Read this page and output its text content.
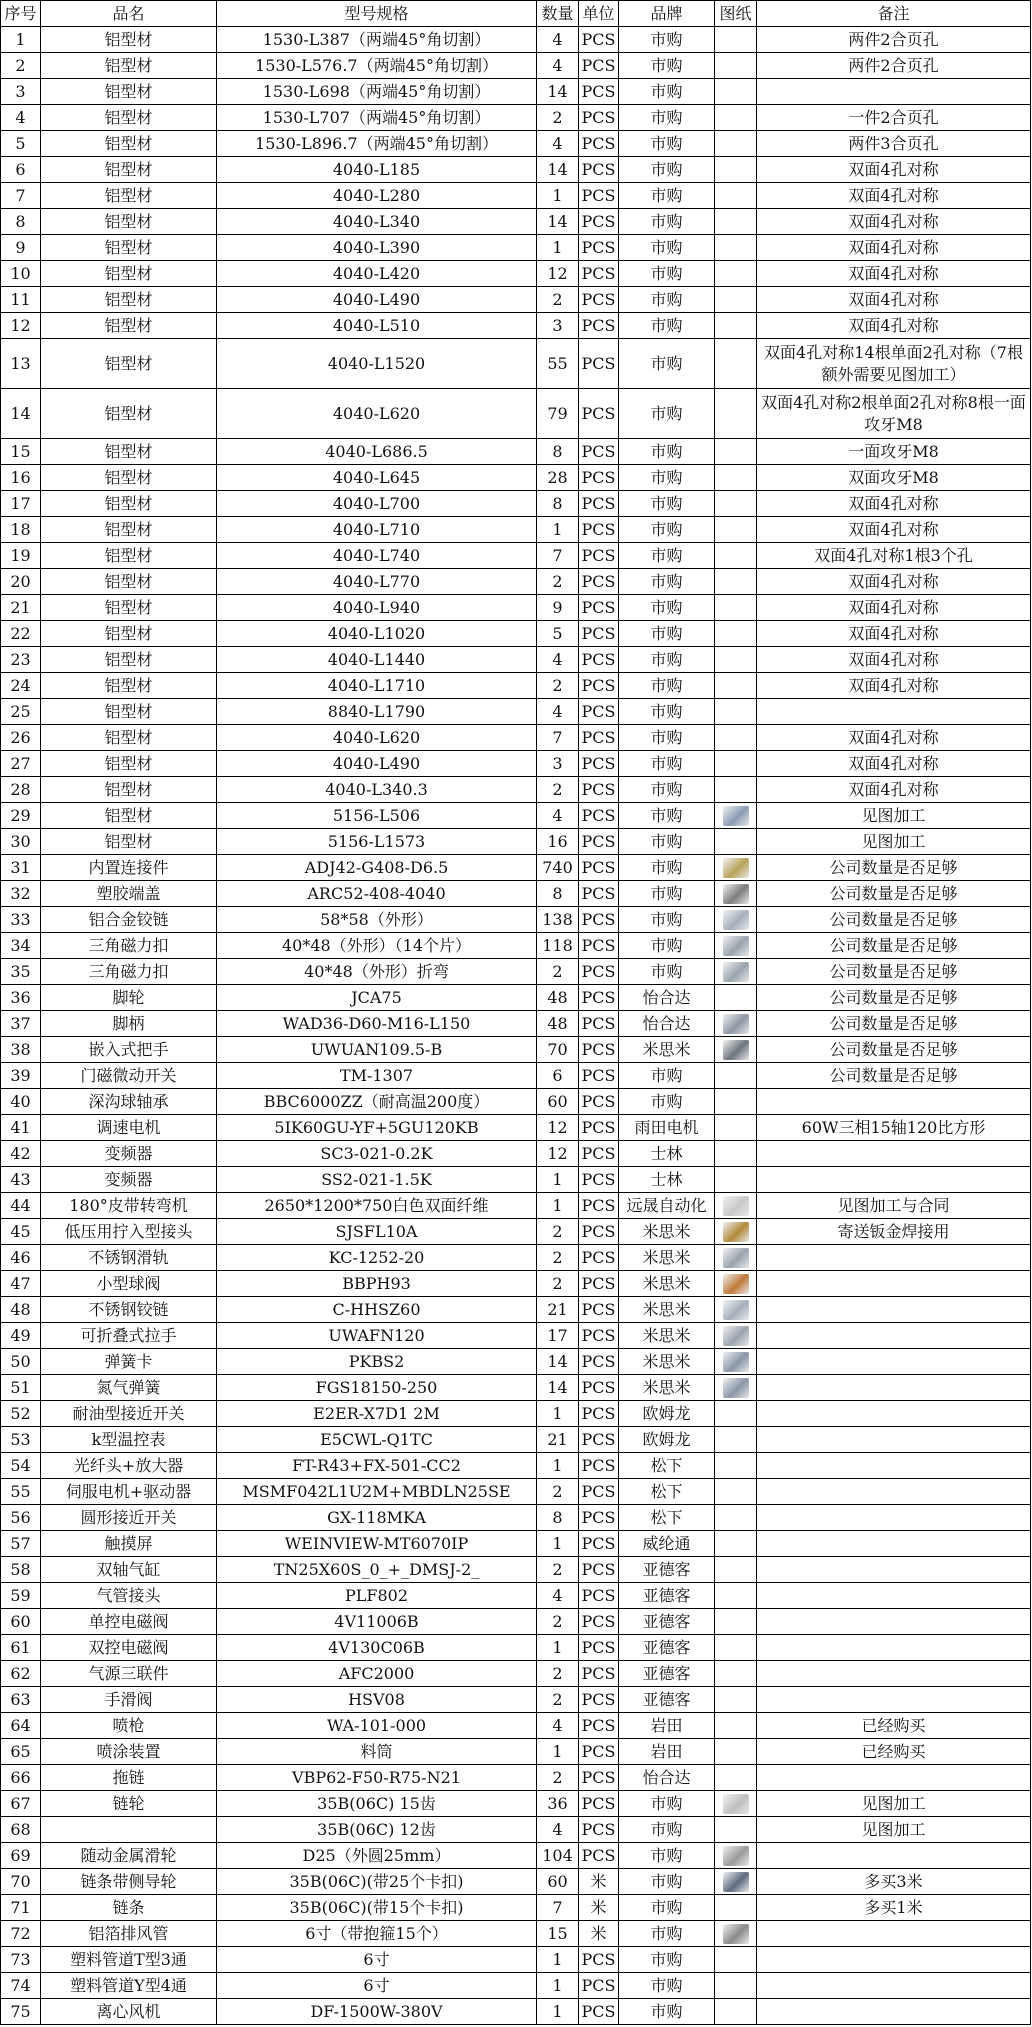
序号	品名	型号规格	数量	单位	品牌	图纸	备注
1	铝型材	1530-L387（两端45°角切割）	4	PCS	市购		两件2合页孔
2	铝型材	1530-L576.7（两端45°角切割）	4	PCS	市购		两件2合页孔
3	铝型材	1530-L698（两端45°角切割）	14	PCS	市购		
4	铝型材	1530-L707（两端45°角切割）	2	PCS	市购		一件2合页孔
5	铝型材	1530-L896.7（两端45°角切割）	4	PCS	市购		两件3合页孔
6	铝型材	4040-L185	14	PCS	市购		双面4孔对称
7	铝型材	4040-L280	1	PCS	市购		双面4孔对称
8	铝型材	4040-L340	14	PCS	市购		双面4孔对称
9	铝型材	4040-L390	1	PCS	市购		双面4孔对称
10	铝型材	4040-L420	12	PCS	市购		双面4孔对称
11	铝型材	4040-L490	2	PCS	市购		双面4孔对称
12	铝型材	4040-L510	3	PCS	市购		双面4孔对称
13	铝型材	4040-L1520	55	PCS	市购		双面4孔对称14根单面2孔对称（7根额外需要见图加工）
14	铝型材	4040-L620	79	PCS	市购		双面4孔对称2根单面2孔对称8根一面攻牙M8
15	铝型材	4040-L686.5	8	PCS	市购		一面攻牙M8
16	铝型材	4040-L645	28	PCS	市购		双面攻牙M8
17	铝型材	4040-L700	8	PCS	市购		双面4孔对称
18	铝型材	4040-L710	1	PCS	市购		双面4孔对称
19	铝型材	4040-L740	7	PCS	市购		双面4孔对称1根3个孔
20	铝型材	4040-L770	2	PCS	市购		双面4孔对称
21	铝型材	4040-L940	9	PCS	市购		双面4孔对称
22	铝型材	4040-L1020	5	PCS	市购		双面4孔对称
23	铝型材	4040-L1440	4	PCS	市购		双面4孔对称
24	铝型材	4040-L1710	2	PCS	市购		双面4孔对称
25	铝型材	8840-L1790	4	PCS	市购		
26	铝型材	4040-L620	7	PCS	市购		双面4孔对称
27	铝型材	4040-L490	3	PCS	市购		双面4孔对称
28	铝型材	4040-L340.3	2	PCS	市购		双面4孔对称
29	铝型材	5156-L506	4	PCS	市购		见图加工
30	铝型材	5156-L1573	16	PCS	市购		见图加工
31	内置连接件	ADJ42-G408-D6.5	740	PCS	市购		公司数量是否足够
32	塑胶端盖	ARC52-408-4040	8	PCS	市购		公司数量是否足够
33	铝合金铰链	58*58（外形）	138	PCS	市购		公司数量是否足够
34	三角磁力扣	40*48（外形）（14个片）	118	PCS	市购		公司数量是否足够
35	三角磁力扣	40*48（外形）折弯	2	PCS	市购		公司数量是否足够
36	脚轮	JCA75	48	PCS	怡合达		公司数量是否足够
37	脚柄	WAD36-D60-M16-L150	48	PCS	怡合达		公司数量是否足够
38	嵌入式把手	UWUAN109.5-B	70	PCS	米思米		公司数量是否足够
39	门磁微动开关	TM-1307	6	PCS	市购		公司数量是否足够
40	深沟球轴承	BBC6000ZZ（耐高温200度）	60	PCS	市购		
41	调速电机	5IK60GU-YF+5GU120KB	12	PCS	雨田电机		60W三相15轴120比方形
42	变频器	SC3-021-0.2K	12	PCS	士林		
43	变频器	SS2-021-1.5K	1	PCS	士林		
44	180°皮带转弯机	2650*1200*750白色双面纤维	1	PCS	远晟自动化		见图加工与合同
45	低压用拧入型接头	SJSFL10A	2	PCS	米思米		寄送钣金焊接用
46	不锈钢滑轨	KC-1252-20	2	PCS	米思米		
47	小型球阀	BBPH93	2	PCS	米思米		
48	不锈钢铰链	C-HHSZ60	21	PCS	米思米		
49	可折叠式拉手	UWAFN120	17	PCS	米思米		
50	弹簧卡	PKBS2	14	PCS	米思米		
51	氮气弹簧	FGS18150-250	14	PCS	米思米		
52	耐油型接近开关	E2ER-X7D1 2M	1	PCS	欧姆龙		
53	k型温控表	E5CWL-Q1TC	21	PCS	欧姆龙		
54	光纤头+放大器	FT-R43+FX-501-CC2	1	PCS	松下		
55	伺服电机+驱动器	MSMF042L1U2M+MBDLN25SE	2	PCS	松下		
56	圆形接近开关	GX-118MKA	8	PCS	松下		
57	触摸屏	WEINVIEW-MT6070IP	1	PCS	威纶通		
58	双轴气缸	TN25X60S_0_+_DMSJ-2_	2	PCS	亚德客		
59	气管接头	PLF802	4	PCS	亚德客		
60	单控电磁阀	4V11006B	2	PCS	亚德客		
61	双控电磁阀	4V130C06B	1	PCS	亚德客		
62	气源三联件	AFC2000	2	PCS	亚德客		
63	手滑阀	HSV08	2	PCS	亚德客		
64	喷枪	WA-101-000	4	PCS	岩田		已经购买
65	喷涂装置	料筒	1	PCS	岩田		已经购买
66	拖链	VBP62-F50-R75-N21	2	PCS	怡合达		
67	链轮	35B(06C) 15齿	36	PCS	市购		见图加工
68		35B(06C) 12齿	4	PCS	市购		见图加工
69	随动金属滑轮	D25（外圆25mm）	104	PCS	市购		
70	链条带侧导轮	35B(06C)(带25个卡扣)	60	米	市购		多买3米
71	链条	35B(06C)(带15个卡扣)	7	米	市购		多买1米
72	铝箔排风管	6寸（带抱箍15个）	15	米	市购		
73	塑料管道T型3通	6寸	1	PCS	市购		
74	塑料管道Y型4通	6寸	1	PCS	市购		
75	离心风机	DF-1500W-380V	1	PCS	市购		
